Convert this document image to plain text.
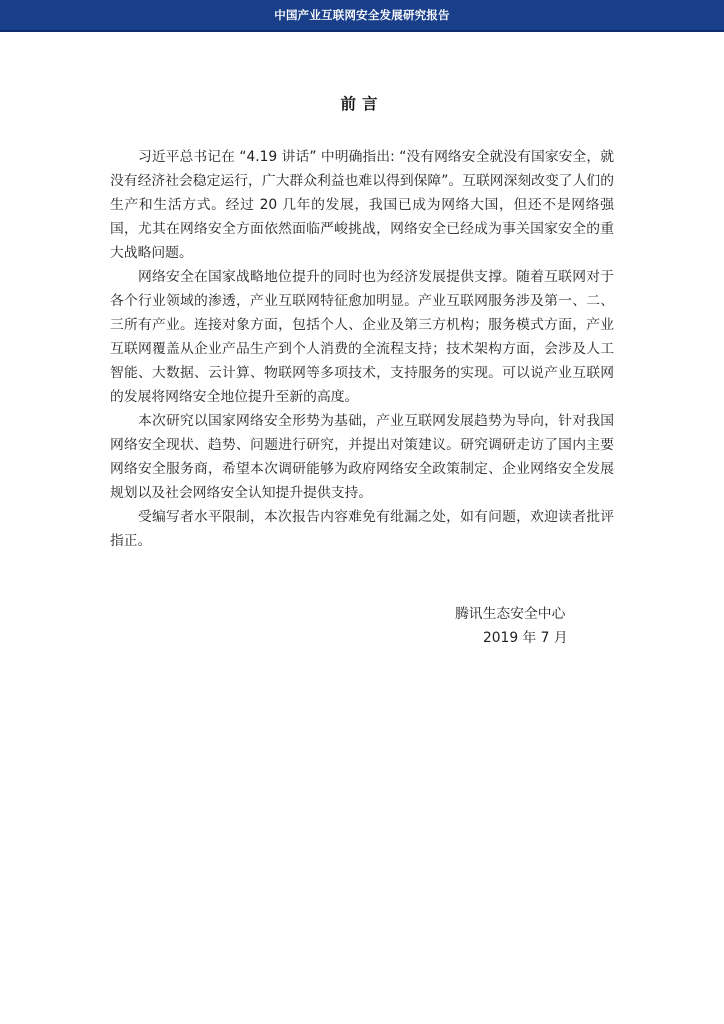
中国产业互联网安全发展研究报告
前言

习近平总书记在 “4.19 讲话” 中明确指出: “没有网络安全就没有国家安全，就没有经济社会稳定运行，广大群众利益也难以得到保障”。互联网深刻改变了人们的生产和生活方式。经过 20 几年的发展，我国已成为网络大国，但还不是网络强国，尤其在网络安全方面依然面临严峻挑战，网络安全已经成为事关国家安全的重大战略问题。

网络安全在国家战略地位提升的同时也为经济发展提供支撑。随着互联网对于各个行业领域的渗透，产业互联网特征愈加明显。产业互联网服务涉及第一、二、三所有产业。连接对象方面，包括个人、企业及第三方机构；服务模式方面，产业互联网覆盖从企业产品生产到个人消费的全流程支持；技术架构方面，会涉及人工智能、大数据、云计算、物联网等多项技术，支持服务的实现。可以说产业互联网的发展将网络安全地位提升至新的高度。

本次研究以国家网络安全形势为基础，产业互联网发展趋势为导向，针对我国网络安全现状、趋势、问题进行研究，并提出对策建议。研究调研走访了国内主要网络安全服务商，希望本次调研能够为政府网络安全政策制定、企业网络安全发展规划以及社会网络安全认知提升提供支持。

受编写者水平限制，本次报告内容难免有纰漏之处，如有问题，欢迎读者批评指正。

腾讯生态安全中心
2019 年 7 月
